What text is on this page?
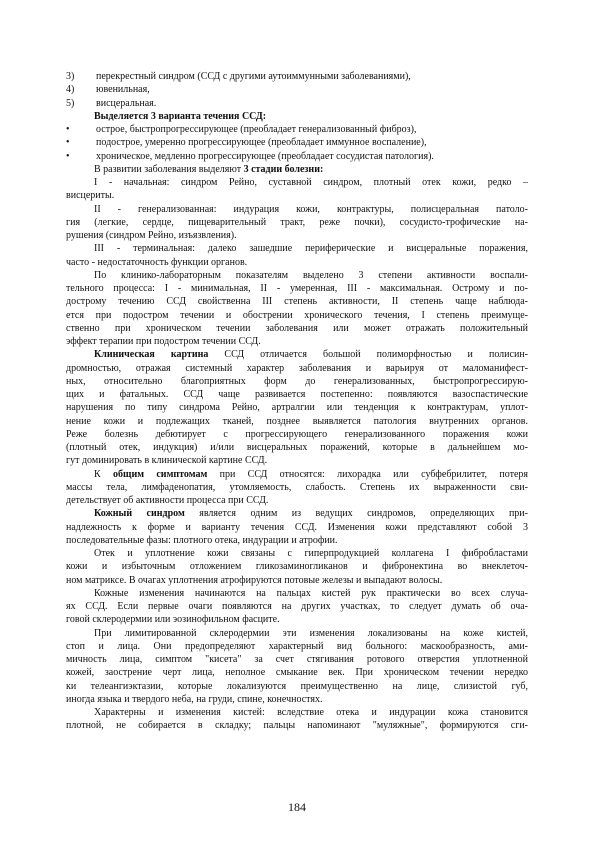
3) перекрестный синдром (ССД с другими аутоиммунными заболеваниями),
4) ювенильная,
5) висцеральная.
Выделяется 3 варианта течения ССД:
•	острое, быстропрогрессирующее (преобладает генерализованный фиброз),
•	подострое, умеренно прогрессирующее (преобладает иммунное воспаление),
•	хроническое, медленно прогрессирующее (преобладает сосудистая патология).
В развитии заболевания выделяют 3 стадии болезни:
I - начальная: синдром Рейно, суставной синдром, плотный отек кожи, редко –
висцериты.
II - генерализованная: индурация кожи, контрактуры, полисцеральная патоло-
гия (легкие, сердце, пищеварительный тракт, реже почки), сосудисто-трофические на-
рушения (синдром Рейно, изъязвления).
III - терминальная: далеко зашедшие периферические и висцеральные поражения,
часто - недостаточность функции органов.
По клинико-лабораторным показателям выделено 3 степени активности воспали-
тельного процесса: I - минимальная, II - умеренная, III - максимальная. Острому и по-
дострому течению ССД свойственна III степень активности, II степень чаще наблюда-
ется при подостром течении и обострении хронического течения, I степень преимуще-
ственно при хроническом течении заболевания или может отражать положительный
эффект терапии при подостром течении ССД.
Клиническая картина ССД отличается большой полиморфностью и полисин-
дромностью, отражая системный характер заболевания и варьируя от маломанифест-
ных, относительно благоприятных форм до генерализованных, быстропрогрессирую-
щих и фатальных. ССД чаще развивается постепенно: появляются вазоспастические
нарушения по типу синдрома Рейно, артралгии или тенденция к контрактурам, уплот-
нение кожи и подлежащих тканей, позднее выявляется патология внутренних органов.
Реже болезнь дебютирует с прогрессирующего генерализованного поражения кожи
(плотный отек, индукция) и/или висцеральных поражений, которые в дальнейшем мо-
гут доминировать в клинической картине ССД.
К общим симптомам при ССД относятся: лихорадка или субфебрилитет, потеря
массы тела, лимфаденопатия, утомляемость, слабость. Степень их выраженности сви-
детельствует об активности процесса при ССД.
Кожный синдром является одним из ведущих синдромов, определяющих при-
надлежность к форме и варианту течения ССД. Изменения кожи представляют собой 3
последовательные фазы: плотного отека, индурации и атрофии.
Отек и уплотнение кожи связаны с гиперпродукцией коллагена I фибробластами
кожи и избыточным отложением гликозаминогликанов и фибронектина во внеклеточ-
ном матриксе. В очагах уплотнения атрофируются потовые железы и выпадают волосы.
Кожные изменения начинаются на пальцах кистей рук практически во всех случа-
ях ССД. Если первые очаги появляются на других участках, то следует думать об оча-
говой склеродермии или эозинофильном фасците.
При лимитированной склеродермии эти изменения локализованы на коже кистей,
стоп и лица. Они предопределяют характерный вид больного: маскообразность, ами-
мичность лица, симптом "кисета" за счет стягивания ротового отверстия уплотненной
кожей, заострение черт лица, неполное смыкание век. При хроническом течении нередко
ки телеангиэктазии, которые локализуются преимущественно на лице, слизистой губ,
иногда языка и твердого неба, на груди, спине, конечностях.
Характерны и изменения кистей: вследствие отека и индурации кожа становится
плотной, не собирается в складку; пальцы напоминают "муляжные", формируются сги-
184
